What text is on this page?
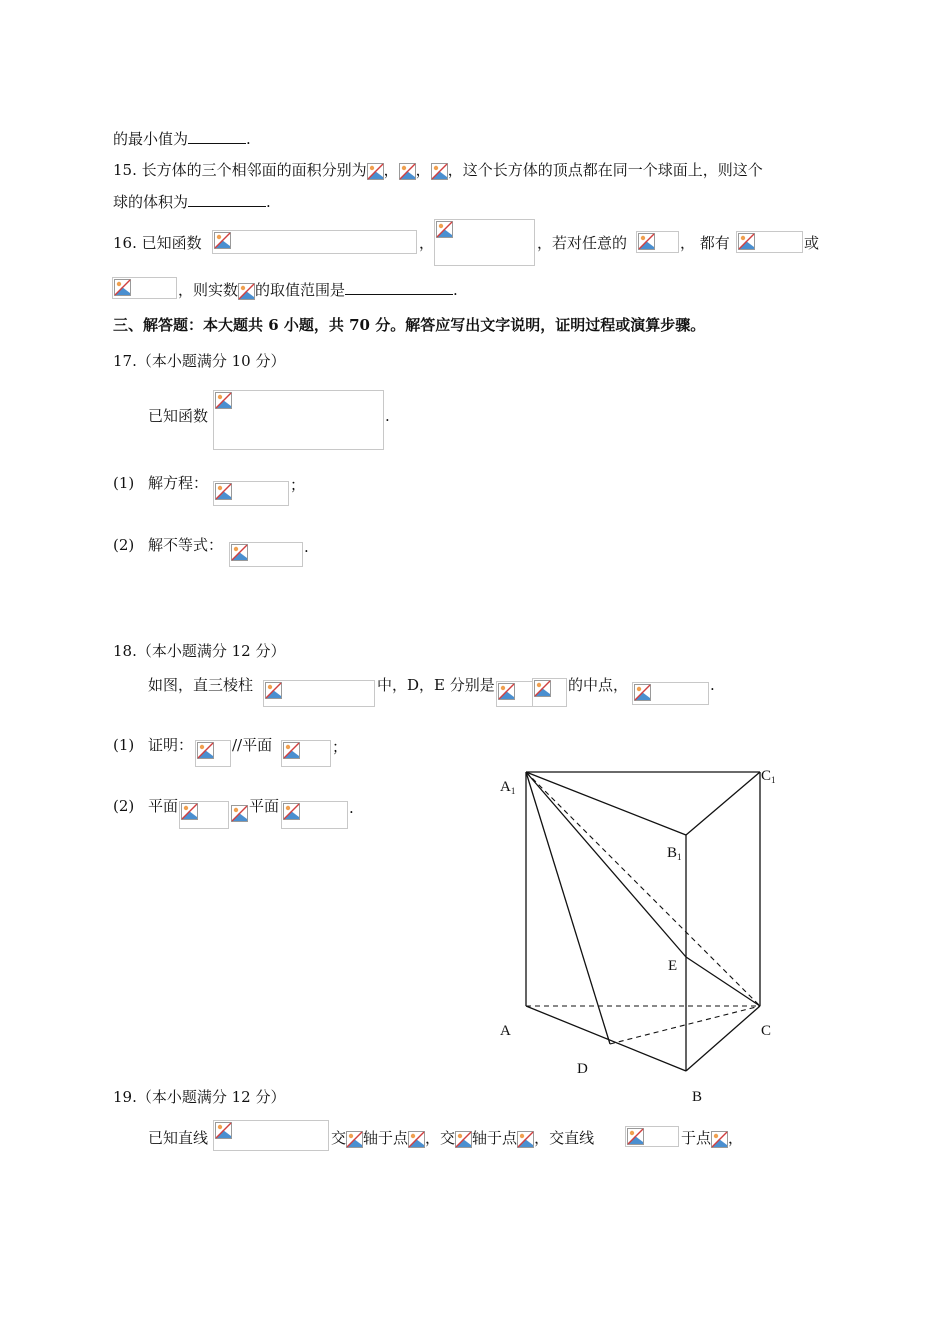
的最小值为	.
15. 长方体的三个相邻面的面积分别为 ， ， ，这个长方体的顶点都在同一个球面上，则这个
球的体积为	.
16. 已知函数	，	，若对任意的	， 都有	或
，则实数 的取值范围是	.
三、解答题：本大题共 6 小题，共 70 分。解答应写出文字说明，证明过程或演算步骤。
17.（本小题满分 10 分）
已知函数	.
(1) 解方程：	；
(2) 解不等式：	.
18.（本小题满分 12 分）
如图，直三棱柱	中，D，E 分别是	的中点，	.
(1) 证明：	//平面	；
(2) 平面	平面	.
$A_1$
$C_1$
$B_1$
E
A	C
D
B
19.（本小题满分 12 分）
已知直线	交 轴于点 ，交 轴于点 ，交直线	于点 ，
